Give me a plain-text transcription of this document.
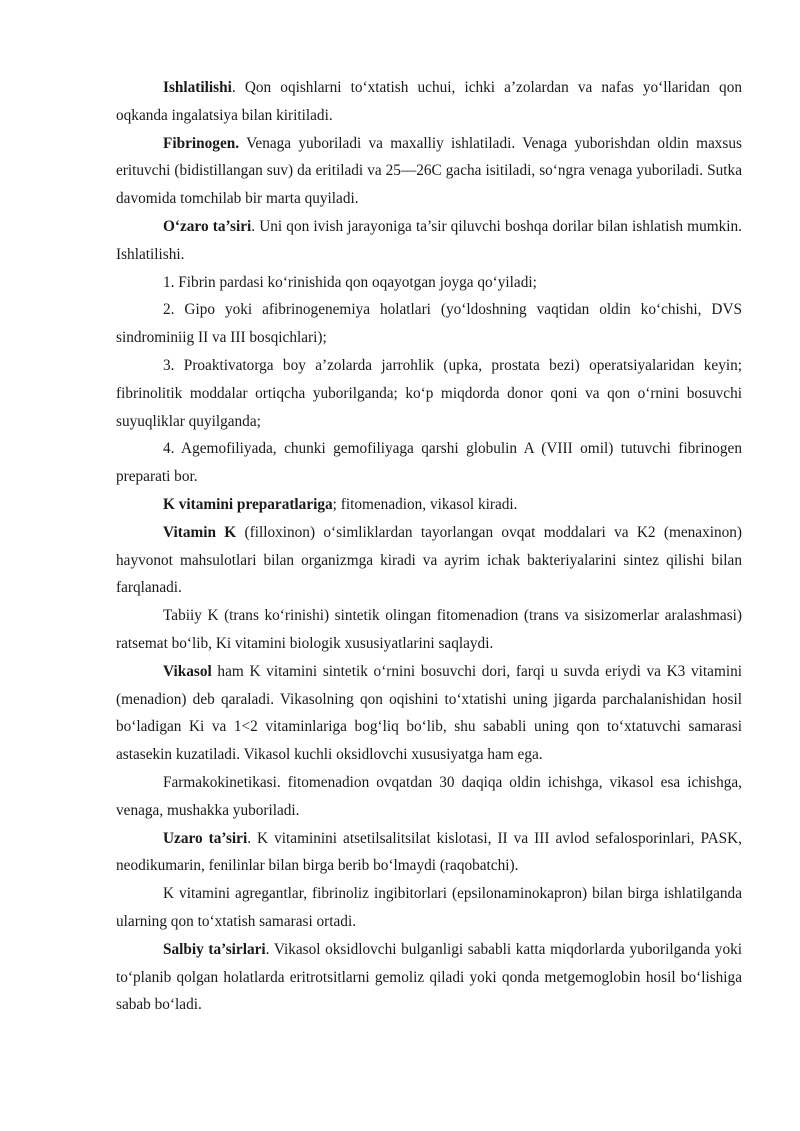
Ishlatilishi. Qon oqishlarni to‘xtatish uchui, ichki a’zolardan va nafas yo‘llaridan qon oqkanda ingalatsiya bilan kiritiladi.

Fibrinogen. Venaga yuboriladi va maxalliy ishlatiladi. Venaga yuborishdan oldin maxsus erituvchi (bidistillangan suv) da eritiladi va 25—26C gacha isitiladi, so‘ngra venaga yuboriladi. Sutka davomida tomchilab bir marta quyiladi.

O‘zaro ta’siri. Uni qon ivish jarayoniga ta’sir qiluvchi boshqa dorilar bilan ishlatish mumkin. Ishlatilishi.

1. Fibrin pardasi ko‘rinishida qon oqayotgan joyga qo‘yiladi;

2. Gipo yoki afibrinogenemiya holatlari (yo‘ldoshning vaqtidan oldin ko‘chishi, DVS sindrominiig II va III bosqichlari);

3. Proaktivatorga boy a’zolarda jarrohlik (upka, prostata bezi) operatsiyalaridan keyin; fibrinolitik moddalar ortiqcha yuborilganda; ko‘p miqdorda donor qoni va qon o‘rnini bosuvchi suyuqliklar quyilganda;

4. Agemofiliyada, chunki gemofiliyaga qarshi globulin A (VIII omil) tutuvchi fibrinogen preparati bor.

K vitamini preparatlariga; fitomenadion, vikasol kiradi.

Vitamin K (filloxinon) o‘simliklardan tayorlangan ovqat moddalari va K2 (menaxinon) hayvonot mahsulotlari bilan organizmga kiradi va ayrim ichak bakteriyalarini sintez qilishi bilan farqlanadi.

Tabiiy K (trans ko‘rinishi) sintetik olingan fitomenadion (trans va sisizomerlar aralashmasi) ratsemat bo‘lib, Ki vitamini biologik xususiyatlarini saqlaydi.

Vikasol ham K vitamini sintetik o‘rnini bosuvchi dori, farqi u suvda eriydi va K3 vitamini (menadion) deb qaraladi. Vikasolning qon oqishini to‘xtatishi uning jigarda parchalanishidan hosil bo‘ladigan Ki va 1<2 vitaminlariga bog‘liq bo‘lib, shu sababli uning qon to‘xtatuvchi samarasi astasekin kuzatiladi. Vikasol kuchli oksidlovchi xususiyatga ham ega.

Farmakokinetikasi. fitomenadion ovqatdan 30 daqiqa oldin ichishga, vikasol esa ichishga, venaga, mushakka yuboriladi.

Uzaro ta’siri. K vitaminini atsetilsalitsilat kislotasi, II va III avlod sefalosporinlari, PASK, neodikumarin, fenilinlar bilan birga berib bo‘lmaydi (raqobatchi).

K vitamini agregantlar, fibrinoliz ingibitorlari (epsilonaminokapron) bilan birga ishlatilganda ularning qon to‘xtatish samarasi ortadi.

Salbiy ta’sirlari. Vikasol oksidlovchi bulganligi sababli katta miqdorlarda yuborilganda yoki to‘planib qolgan holatlarda eritrotsitlarni gemoliz qiladi yoki qonda metgemoglobin hosil bo‘lishiga sabab bo‘ladi.
